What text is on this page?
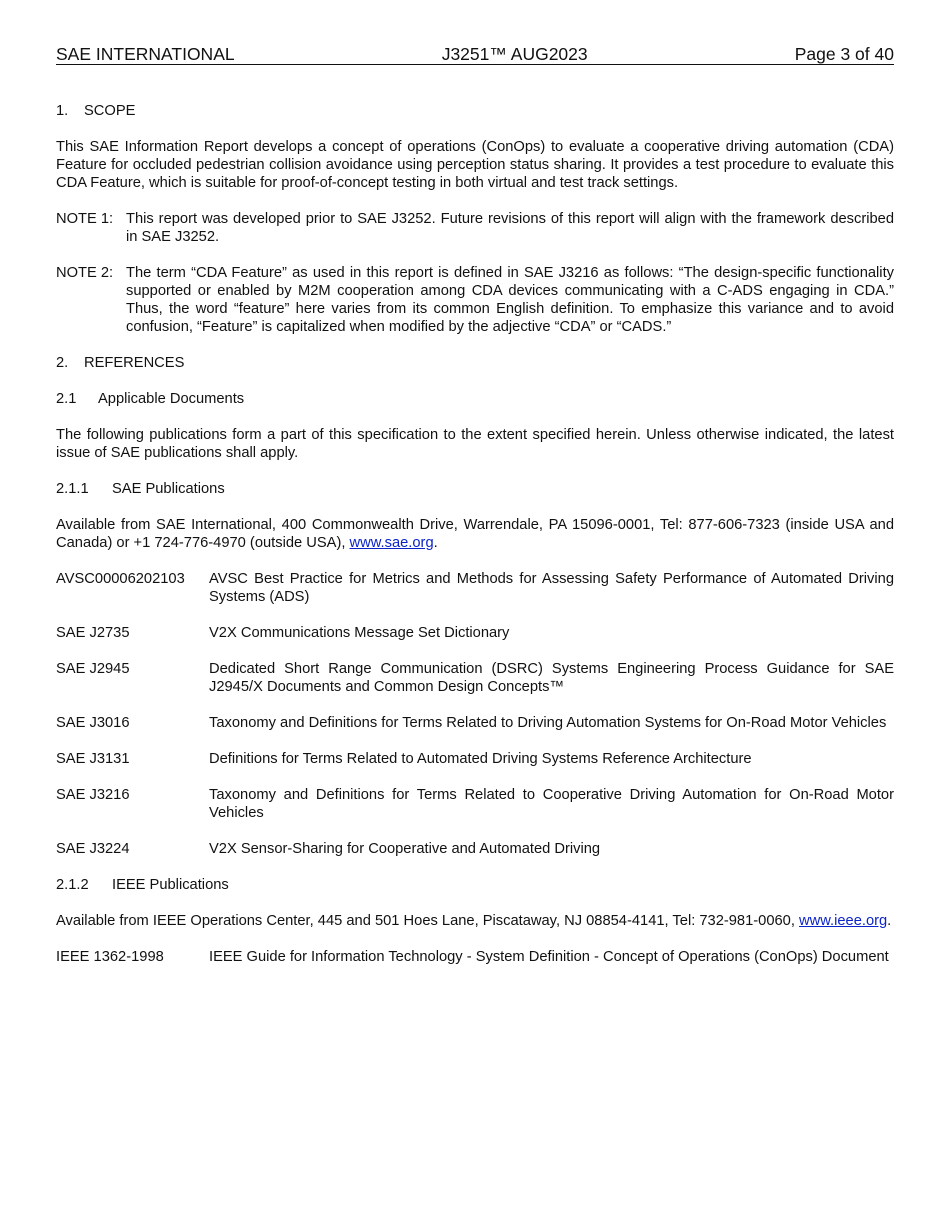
SAE INTERNATIONAL	J3251™ AUG2023	Page 3 of 40
1. SCOPE
This SAE Information Report develops a concept of operations (ConOps) to evaluate a cooperative driving automation (CDA) Feature for occluded pedestrian collision avoidance using perception status sharing. It provides a test procedure to evaluate this CDA Feature, which is suitable for proof-of-concept testing in both virtual and test track settings.
NOTE 1: This report was developed prior to SAE J3252. Future revisions of this report will align with the framework described in SAE J3252.
NOTE 2: The term “CDA Feature” as used in this report is defined in SAE J3216 as follows: “The design-specific functionality supported or enabled by M2M cooperation among CDA devices communicating with a C-ADS engaging in CDA.” Thus, the word “feature” here varies from its common English definition. To emphasize this variance and to avoid confusion, “Feature” is capitalized when modified by the adjective “CDA” or “CADS.”
2. REFERENCES
2.1 Applicable Documents
The following publications form a part of this specification to the extent specified herein. Unless otherwise indicated, the latest issue of SAE publications shall apply.
2.1.1 SAE Publications
Available from SAE International, 400 Commonwealth Drive, Warrendale, PA 15096-0001, Tel: 877-606-7323 (inside USA and Canada) or +1 724-776-4970 (outside USA), www.sae.org.
AVSC00006202103	AVSC Best Practice for Metrics and Methods for Assessing Safety Performance of Automated Driving Systems (ADS)
SAE J2735	V2X Communications Message Set Dictionary
SAE J2945	Dedicated Short Range Communication (DSRC) Systems Engineering Process Guidance for SAE J2945/X Documents and Common Design Concepts™
SAE J3016	Taxonomy and Definitions for Terms Related to Driving Automation Systems for On-Road Motor Vehicles
SAE J3131	Definitions for Terms Related to Automated Driving Systems Reference Architecture
SAE J3216	Taxonomy and Definitions for Terms Related to Cooperative Driving Automation for On-Road Motor Vehicles
SAE J3224	V2X Sensor-Sharing for Cooperative and Automated Driving
2.1.2 IEEE Publications
Available from IEEE Operations Center, 445 and 501 Hoes Lane, Piscataway, NJ 08854-4141, Tel: 732-981-0060, www.ieee.org.
IEEE 1362-1998	IEEE Guide for Information Technology - System Definition - Concept of Operations (ConOps) Document
